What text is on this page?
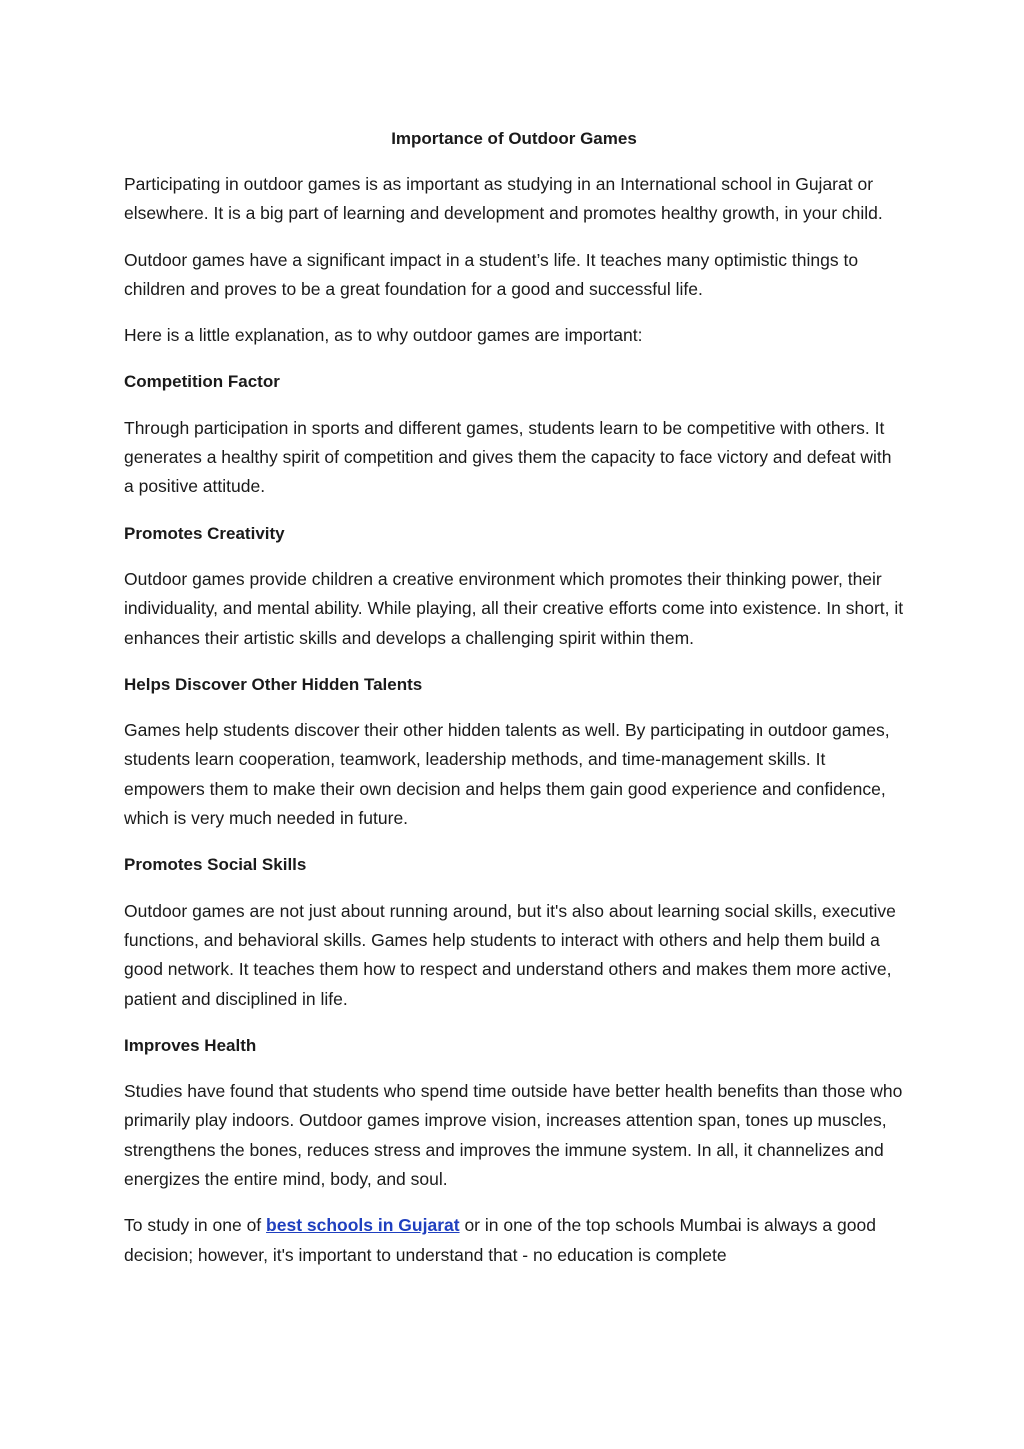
Importance of Outdoor Games

Participating in outdoor games is as important as studying in an International school in Gujarat or elsewhere. It is a big part of learning and development and promotes healthy growth, in your child.

Outdoor games have a significant impact in a student’s life. It teaches many optimistic things to children and proves to be a great foundation for a good and successful life.

Here is a little explanation, as to why outdoor games are important:

Competition Factor

Through participation in sports and different games, students learn to be competitive with others. It generates a healthy spirit of competition and gives them the capacity to face victory and defeat with a positive attitude.

Promotes Creativity

Outdoor games provide children a creative environment which promotes their thinking power, their individuality, and mental ability. While playing, all their creative efforts come into existence. In short, it enhances their artistic skills and develops a challenging spirit within them.

Helps Discover Other Hidden Talents

Games help students discover their other hidden talents as well. By participating in outdoor games, students learn cooperation, teamwork, leadership methods, and time-management skills. It empowers them to make their own decision and helps them gain good experience and confidence, which is very much needed in future.

Promotes Social Skills

Outdoor games are not just about running around, but it's also about learning social skills, executive functions, and behavioral skills. Games help students to interact with others and help them build a good network. It teaches them how to respect and understand others and makes them more active, patient and disciplined in life.

Improves Health

Studies have found that students who spend time outside have better health benefits than those who primarily play indoors. Outdoor games improve vision, increases attention span, tones up muscles, strengthens the bones, reduces stress and improves the immune system. In all, it channelizes and energizes the entire mind, body, and soul.

To study in one of best schools in Gujarat or in one of the top schools Mumbai is always a good decision; however, it's important to understand that - no education is complete
